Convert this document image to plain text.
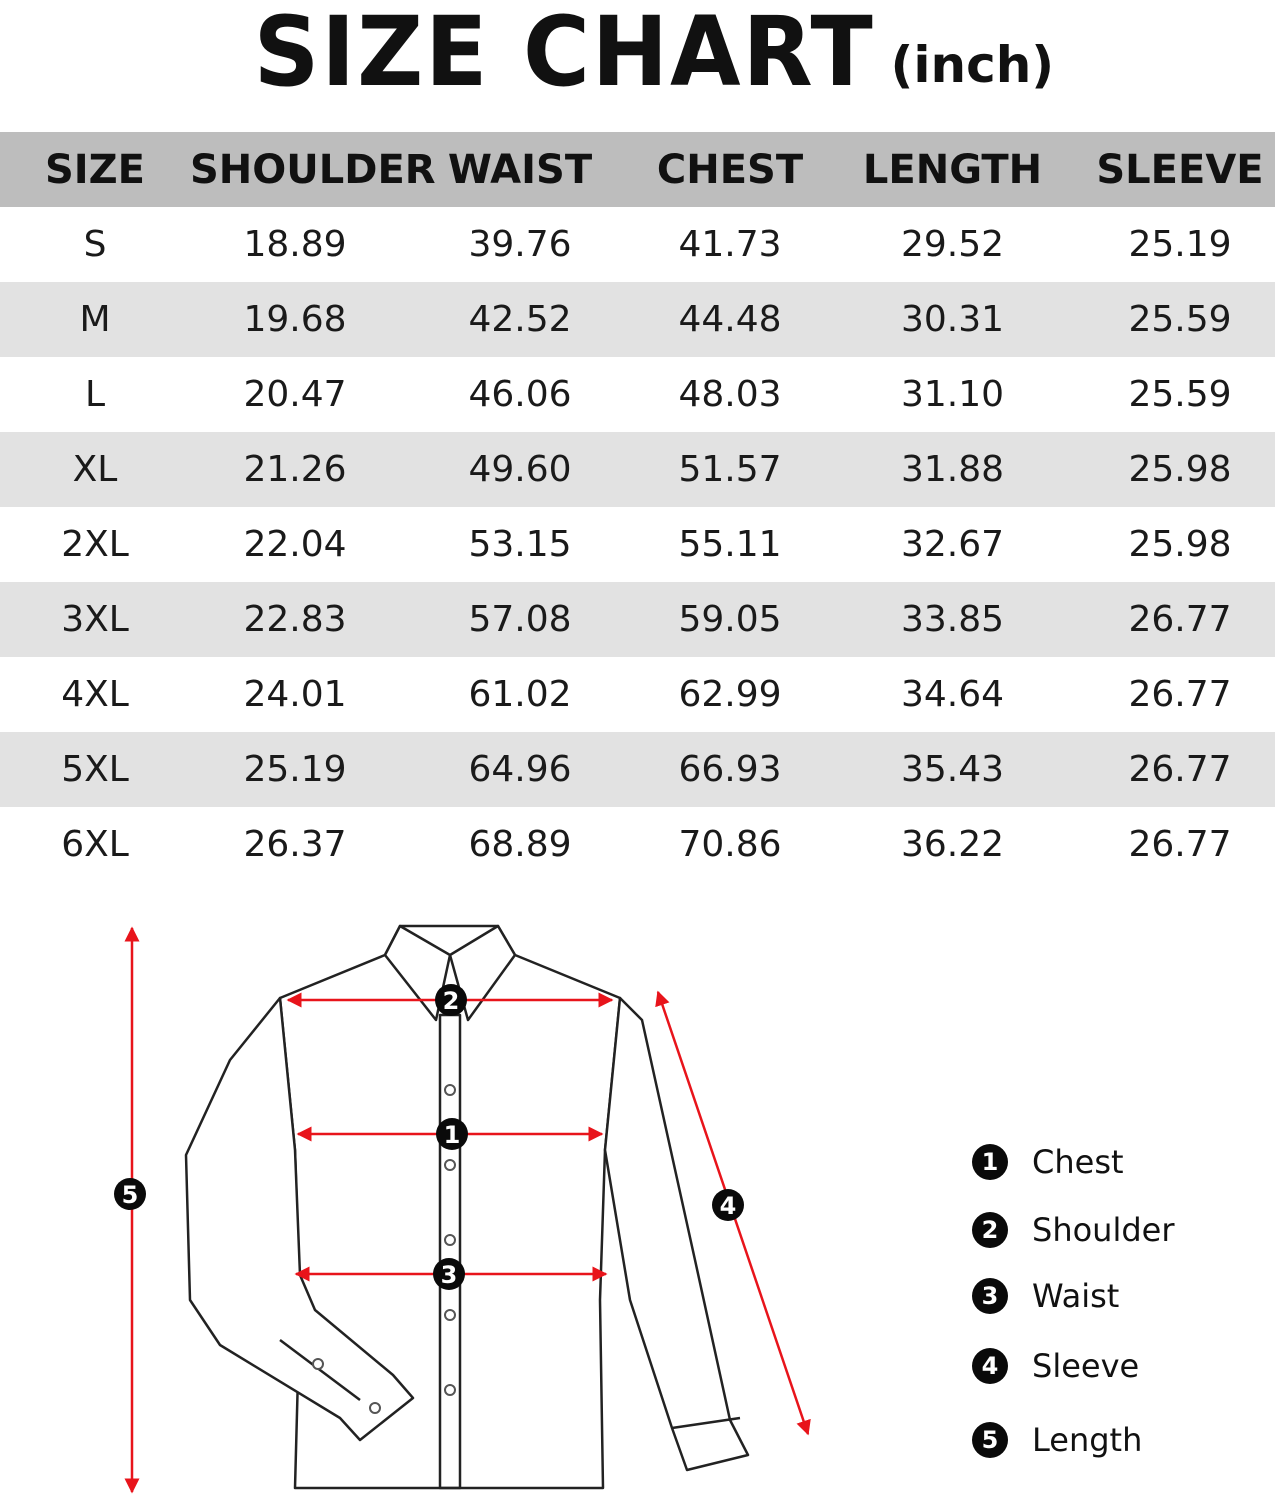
SIZE CHART (inch)
SIZE	SHOULDER	WAIST	CHEST	LENGTH	SLEEVE
S	18.89	39.76	41.73	29.52	25.19
M	19.68	42.52	44.48	30.31	25.59
L	20.47	46.06	48.03	31.10	25.59
XL	21.26	49.60	51.57	31.88	25.98
2XL	22.04	53.15	55.11	32.67	25.98
3XL	22.83	57.08	59.05	33.85	26.77
4XL	24.01	61.02	62.99	34.64	26.77
5XL	25.19	64.96	66.93	35.43	26.77
6XL	26.37	68.89	70.86	36.22	26.77
2
1
3
5	4
1	Chest
2	Shoulder
3	Waist
4	Sleeve
5	Length
